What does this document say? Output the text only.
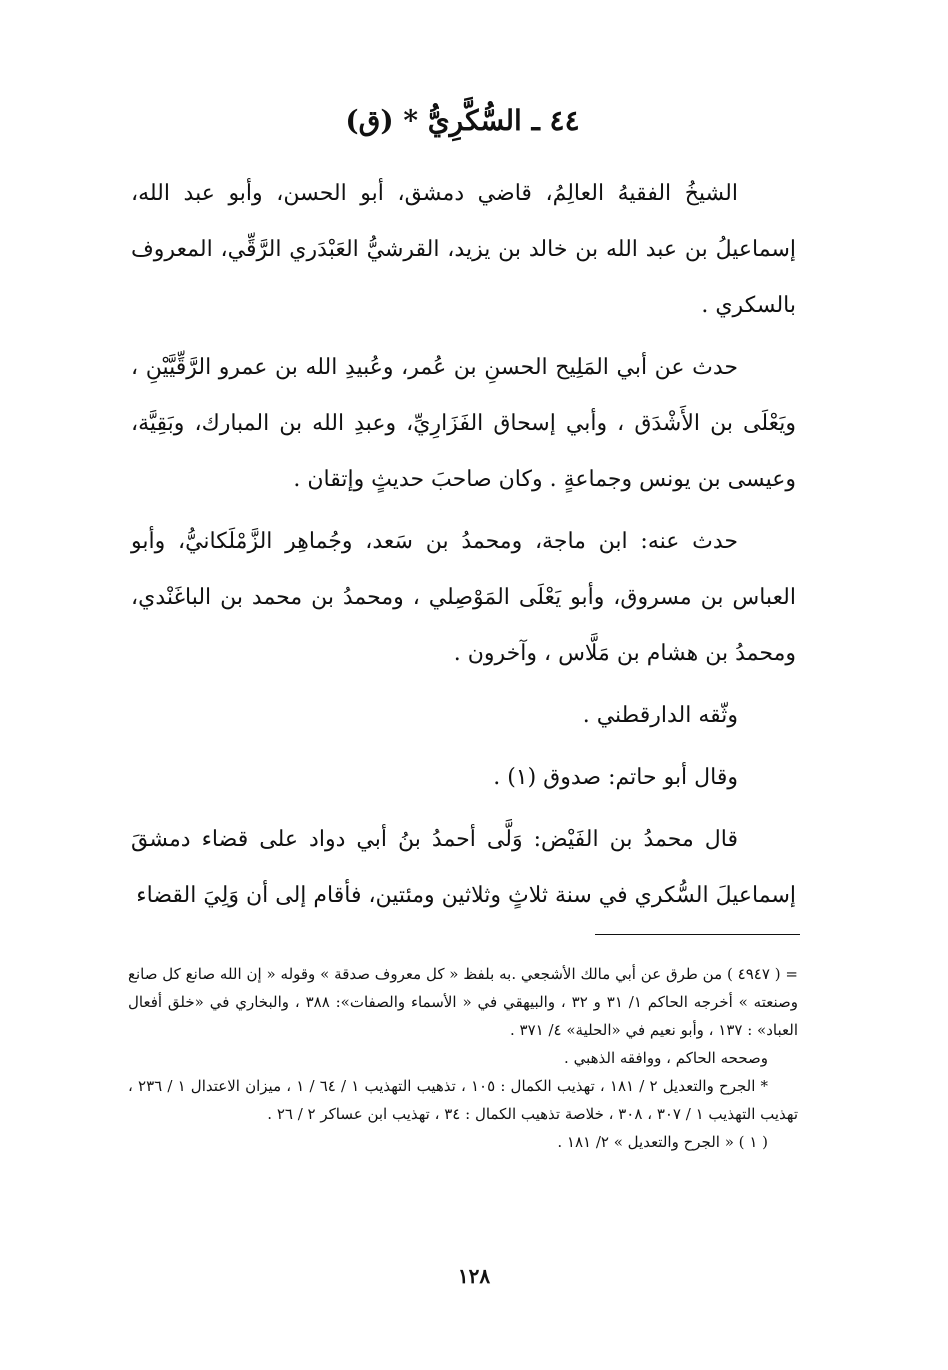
٤٤ ـ السُّكَّرِيُّ * (ق)

الشيخُ الفقيهُ العالِمُ، قاضي دمشق، أبو الحسن، وأبو عبد الله، إسماعيلُ بن عبد الله بن خالد بن يزيد، القرشيُّ العَبْدَري الرَّقِّي، المعروف بالسكري .

حدث عن أبي المَلِيح الحسنِ بن عُمر، وعُبيدِ الله بن عمرو الرَّقِّيَّيْنِ ، ويَعْلَى بن الأَشْدَق ، وأبي إسحاق الفَزَارِيِّ، وعبدِ الله بن المبارك، وبَقِيَّة، وعيسى بن يونس وجماعةٍ . وكان صاحبَ حديثٍ وإتقان .

حدث عنه: ابن ماجة، ومحمدُ بن سَعد، وجُماهِر الزَّمْلَكانيُّ، وأبو العباس بن مسروق، وأبو يَعْلَى المَوْصِلي ، ومحمدُ بن محمد بن الباغَنْدي، ومحمدُ بن هشام بن مَلَّاس ، وآخرون .

وثّقه الدارقطني .

وقال أبو حاتم: صدوق (١) .

قال محمدُ بن الفَيْض: وَلَّى أحمدُ بنُ أبي دواد على قضاء دمشقَ إسماعيلَ السُّكري في سنة ثلاثٍ وثلاثين ومئتين، فأقام إلى أن وَلِيَ القضاء

= ( ٤٩٤٧ ) من طرق عن أبي مالك الأشجعي .به بلفظ « كل معروف صدقة » وقوله « إن الله صانع كل صانع وصنعته » أخرجه الحاكم ١/ ٣١ و ٣٢ ، والبيهقي في « الأسماء والصفات»: ٣٨٨ ، والبخاري في «خلق أفعال العباد» : ١٣٧ ، وأبو نعيم في «الحلية» ٤/ ٣٧١ .

وصححه الحاكم ، ووافقه الذهبي .

* الجرح والتعديل ٢ / ١٨١ ، تهذيب الكمال : ١٠٥ ، تذهيب التهذيب ١ / ٦٤ / ١ ، ميزان الاعتدال ١ / ٢٣٦ ، تهذيب التهذيب ١ / ٣٠٧ ، ٣٠٨ ، خلاصة تذهيب الكمال : ٣٤ ، تهذيب ابن عساكر ٢ / ٢٦ .

( ١ ) « الجرح والتعديل » ٢/ ١٨١ .

١٢٨
